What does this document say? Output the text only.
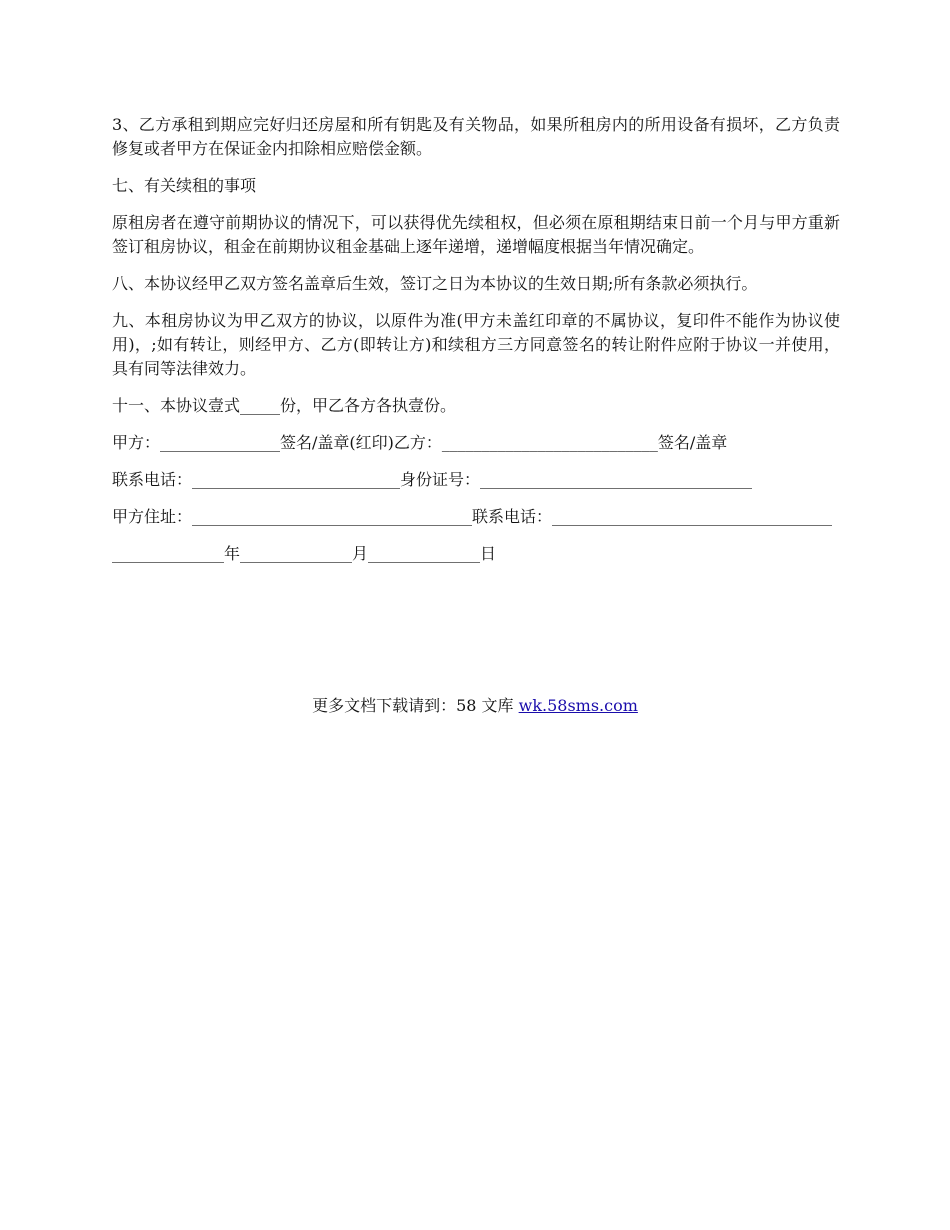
3、乙方承租到期应完好归还房屋和所有钥匙及有关物品，如果所租房内的所用设备有损坏，乙方负责修复或者甲方在保证金内扣除相应赔偿金额。

七、有关续租的事项

原租房者在遵守前期协议的情况下，可以获得优先续租权，但必须在原租期结束日前一个月与甲方重新签订租房协议，租金在前期协议租金基础上逐年递增，递增幅度根据当年情况确定。

八、本协议经甲乙双方签名盖章后生效，签订之日为本协议的生效日期;所有条款必须执行。

九、本租房协议为甲乙双方的协议，以原件为准(甲方未盖红印章的不属协议，复印件不能作为协议使用)，;如有转让，则经甲方、乙方(即转让方)和续租方三方同意签名的转让附件应附于协议一并使用，具有同等法律效力。

十一、本协议壹式_____份，甲乙各方各执壹份。

甲方：_______________签名/盖章(红印)乙方：___________________________签名/盖章

联系电话：__________________________身份证号：__________________________________

甲方住址：___________________________________联系电话：___________________________________

______________年______________月______________日

更多文档下载请到：58 文库 wk.58sms.com
